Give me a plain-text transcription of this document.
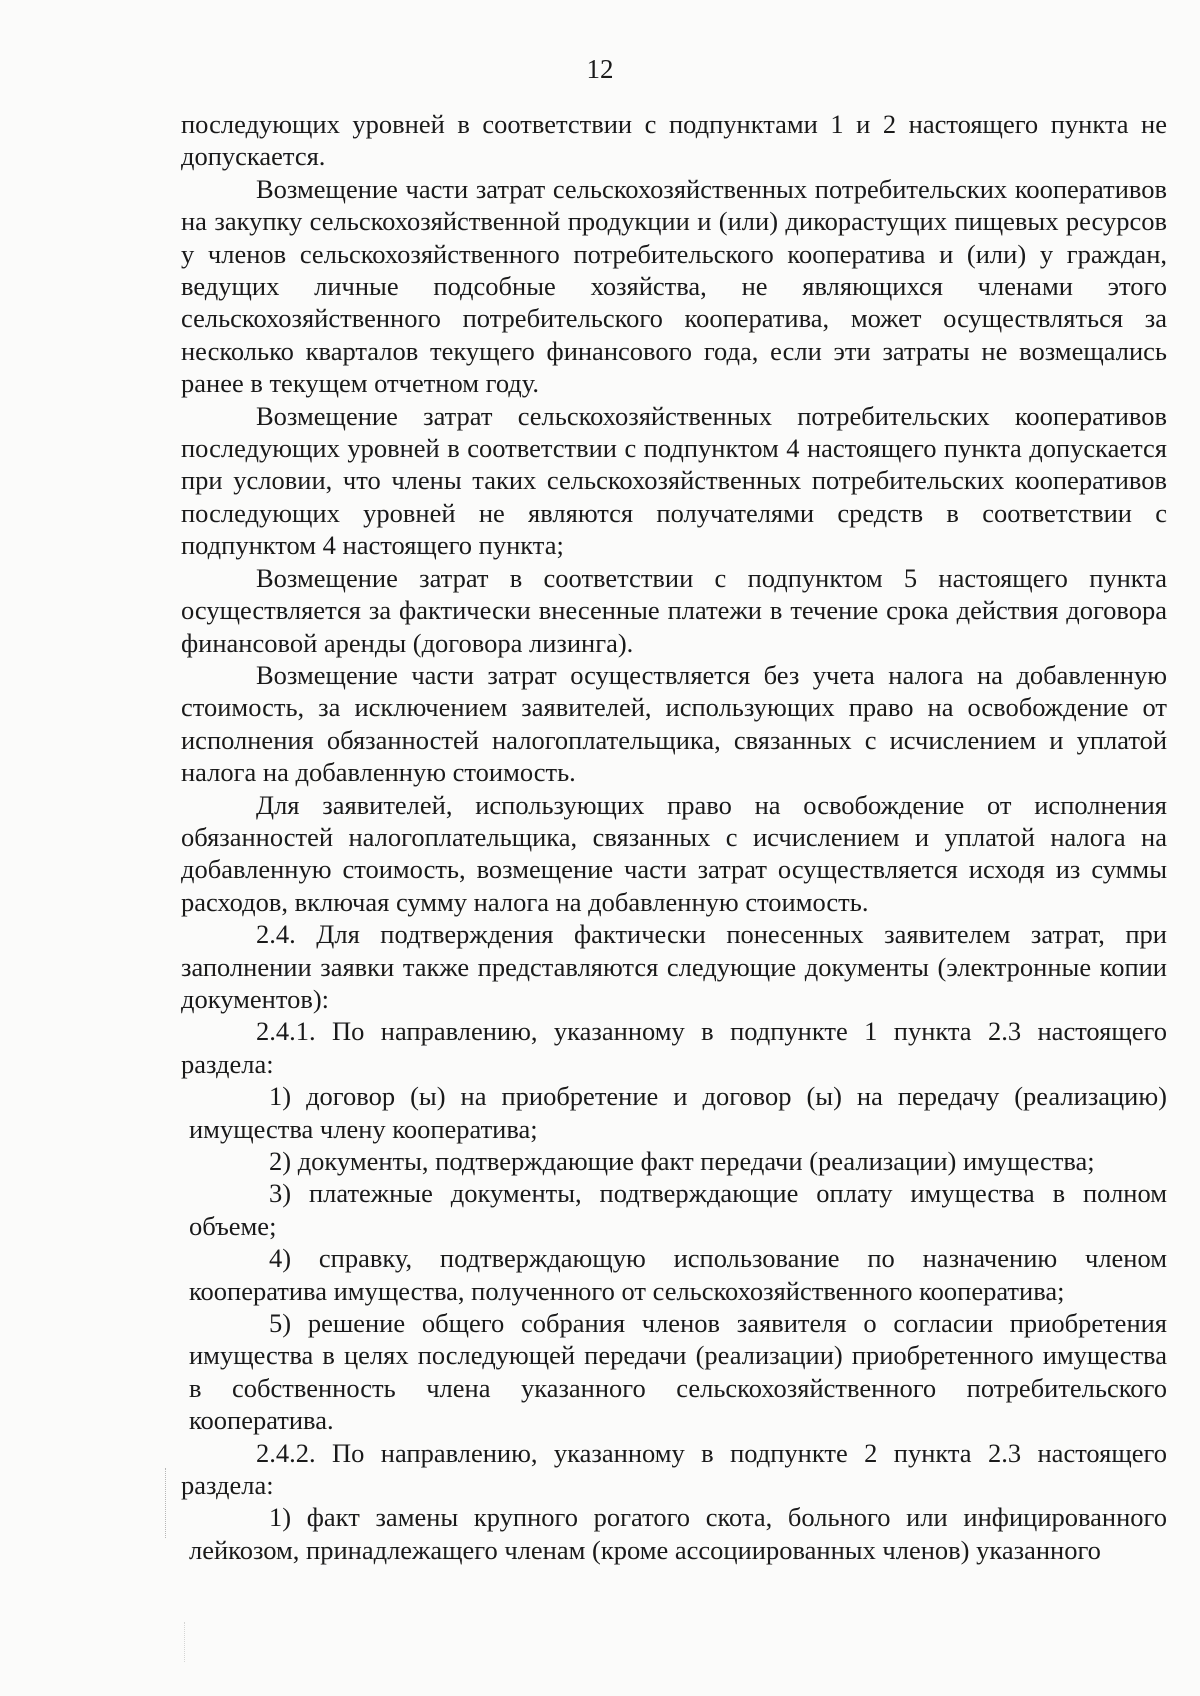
12

последующих уровней в соответствии с подпунктами 1 и 2 настоящего пункта не допускается.

Возмещение части затрат сельскохозяйственных потребительских кооперативов на закупку сельскохозяйственной продукции и (или) дикорастущих пищевых ресурсов у членов сельскохозяйственного потребительского кооператива и (или) у граждан, ведущих личные подсобные хозяйства, не являющихся членами этого сельскохозяйственного потребительского кооператива, может осуществляться за несколько кварталов текущего финансового года, если эти затраты не возмещались ранее в текущем отчетном году.

Возмещение затрат сельскохозяйственных потребительских кооперативов последующих уровней в соответствии с подпунктом 4 настоящего пункта допускается при условии, что члены таких сельскохозяйственных потребительских кооперативов последующих уровней не являются получателями средств в соответствии с подпунктом 4 настоящего пункта;

Возмещение затрат в соответствии с подпунктом 5 настоящего пункта осуществляется за фактически внесенные платежи в течение срока действия договора финансовой аренды (договора лизинга).

Возмещение части затрат осуществляется без учета налога на добавленную стоимость, за исключением заявителей, использующих право на освобождение от исполнения обязанностей налогоплательщика, связанных с исчислением и уплатой налога на добавленную стоимость.

Для заявителей, использующих право на освобождение от исполнения обязанностей налогоплательщика, связанных с исчислением и уплатой налога на добавленную стоимость, возмещение части затрат осуществляется исходя из суммы расходов, включая сумму налога на добавленную стоимость.

2.4. Для подтверждения фактически понесенных заявителем затрат, при заполнении заявки также представляются следующие документы (электронные копии документов):

2.4.1. По направлению, указанному в подпункте 1 пункта 2.3 настоящего раздела:

1) договор (ы) на приобретение и договор (ы) на передачу (реализацию) имущества члену кооператива;

2) документы, подтверждающие факт передачи (реализации) имущества;

3) платежные документы, подтверждающие оплату имущества в полном объеме;

4) справку, подтверждающую использование по назначению членом кооператива имущества, полученного от сельскохозяйственного кооператива;

5) решение общего собрания членов заявителя о согласии приобретения имущества в целях последующей передачи (реализации) приобретенного имущества в собственность члена указанного сельскохозяйственного потребительского кооператива.

2.4.2. По направлению, указанному в подпункте 2 пункта 2.3 настоящего раздела:

1) факт замены крупного рогатого скота, больного или инфицированного лейкозом, принадлежащего членам (кроме ассоциированных членов) указанного
